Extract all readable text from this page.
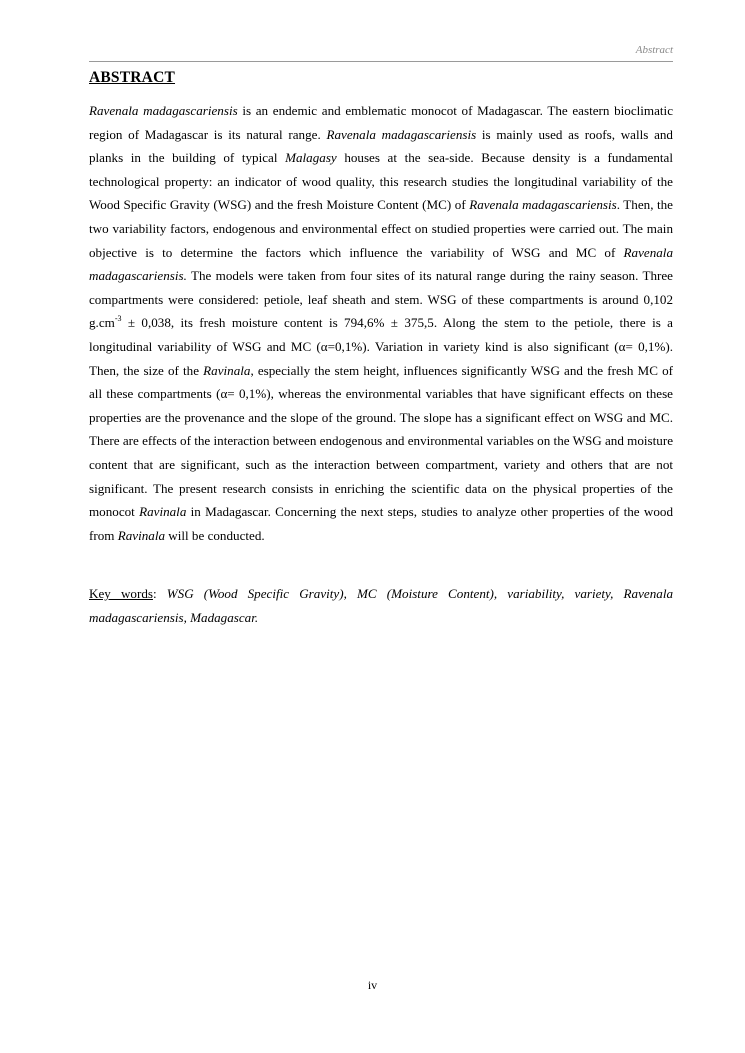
Abstract
ABSTRACT

Ravenala madagascariensis is an endemic and emblematic monocot of Madagascar. The eastern bioclimatic region of Madagascar is its natural range. Ravenala madagascariensis is mainly used as roofs, walls and planks in the building of typical Malagasy houses at the sea-side. Because density is a fundamental technological property: an indicator of wood quality, this research studies the longitudinal variability of the Wood Specific Gravity (WSG) and the fresh Moisture Content (MC) of Ravenala madagascariensis. Then, the two variability factors, endogenous and environmental effect on studied properties were carried out. The main objective is to determine the factors which influence the variability of WSG and MC of Ravenala madagascariensis. The models were taken from four sites of its natural range during the rainy season. Three compartments were considered: petiole, leaf sheath and stem. WSG of these compartments is around 0,102 $g.cm^{-3} \pm 0,038$, its fresh moisture content is 794,6% ± 375,5. Along the stem to the petiole, there is a longitudinal variability of WSG and MC (α=0,1%). Variation in variety kind is also significant (α= 0,1%). Then, the size of the Ravinala, especially the stem height, influences significantly WSG and the fresh MC of all these compartments (α= 0,1%), whereas the environmental variables that have significant effects on these properties are the provenance and the slope of the ground. The slope has a significant effect on WSG and MC. There are effects of the interaction between endogenous and environmental variables on the WSG and moisture content that are significant, such as the interaction between compartment, variety and others that are not significant. The present research consists in enriching the scientific data on the physical properties of the monocot Ravinala in Madagascar. Concerning the next steps, studies to analyze other properties of the wood from Ravinala will be conducted.

Key words: WSG (Wood Specific Gravity), MC (Moisture Content), variability, variety, Ravenala madagascariensis, Madagascar.

iv
